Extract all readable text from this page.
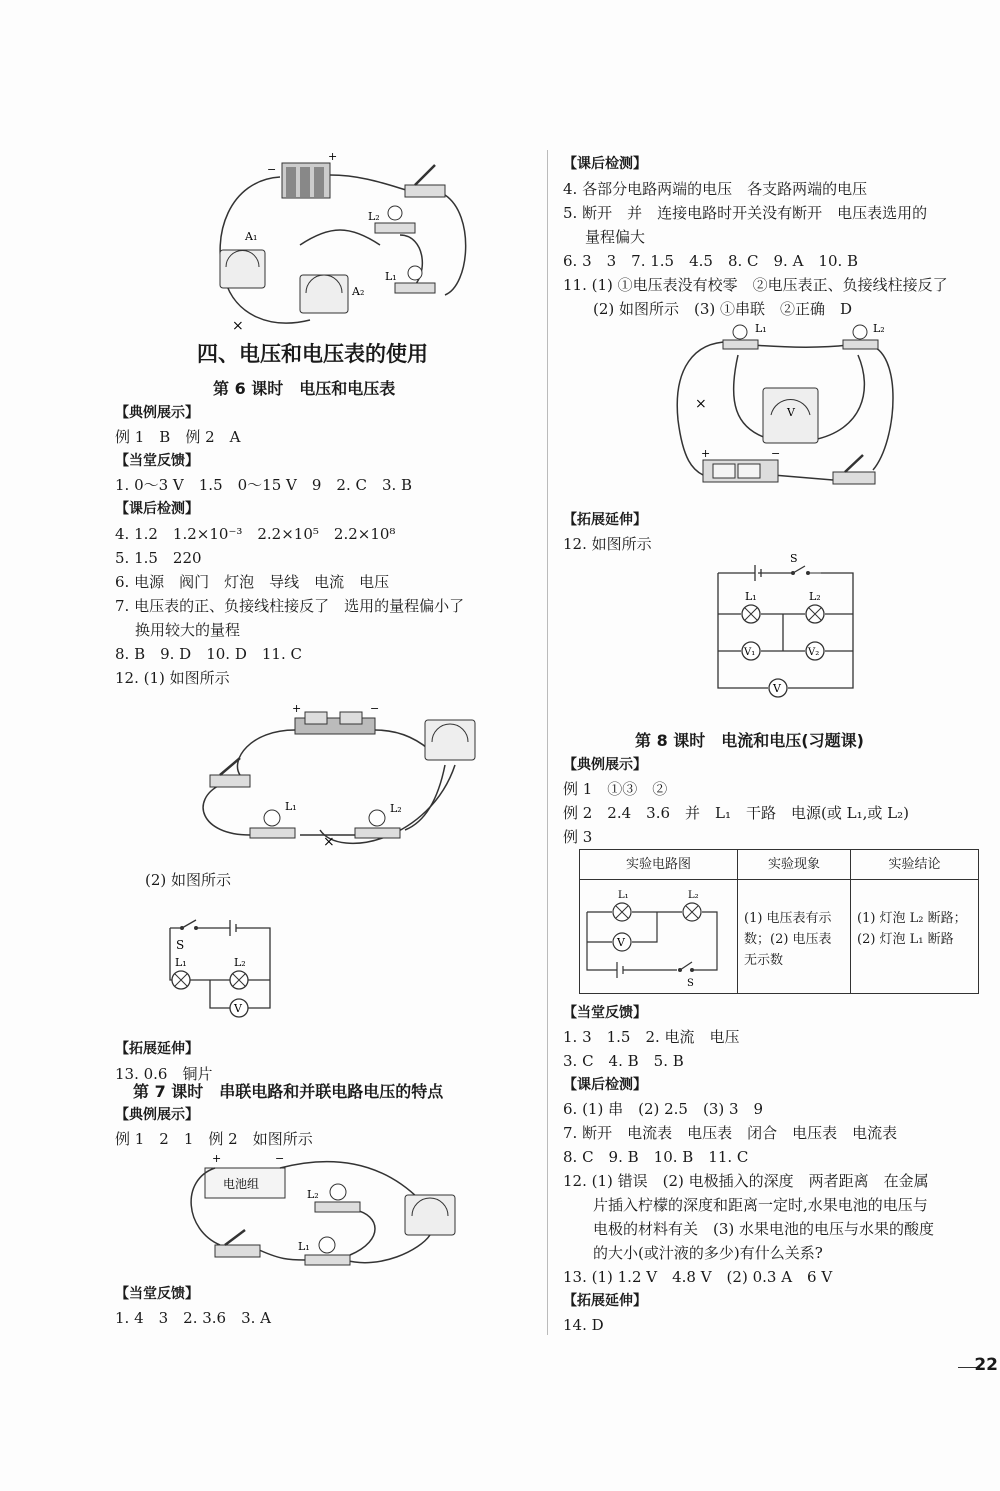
×
−
+
L₂
L₁
A₁
A₂
四、电压和电压表的使用
第 6 课时　电压和电压表
【典例展示】
例 1　B　例 2　A
【当堂反馈】
1. 0～3 V　1.5　0～15 V　9　2. C　3. B
【课后检测】
4. 1.2　1.2×10⁻³　2.2×10⁵　2.2×10⁸
5. 1.5　220
6. 电源　阀门　灯泡　导线　电流　电压
7. 电压表的正、负接线柱接反了　选用的量程偏小了
换用较大的量程
8. B　9. D　10. D　11. C
12. (1) 如图所示
×
+	−
L₁	L₂
(2) 如图所示
S
L₁	L₂
V
【拓展延伸】
13. 0.6　铜片
第 7 课时　串联电路和并联电路电压的特点
【典例展示】
例 1　2　1　例 2　如图所示
电池组
+	−
L₂
L₁
【当堂反馈】
1. 4　3　2. 3.6　3. A
【课后检测】
4. 各部分电路两端的电压　各支路两端的电压
5. 断开　并　连接电路时开关没有断开　电压表选用的
量程偏大
6. 3　3　7. 1.5　4.5　8. C　9. A　10. B
11. (1) ①电压表没有校零　②电压表正、负接线柱接反了
(2) 如图所示　(3) ①串联　②正确　D
×
L₁	L₂
V
+	−
【拓展延伸】
12. 如图所示
S
L₁	L₂
V₁	V₂
V
第 8 课时　电流和电压(习题课)
【典例展示】
例 1　①③　②
例 2　2.4　3.6　并　L₁　干路　电源(或 L₁,或 L₂)
例 3
实验电路图	实验现象	实验结论

L₁ L₂
V
S	(1) 电压表有示数；(2) 电压表无示数	(1) 灯泡 L₂ 断路；(2) 灯泡 L₁ 断路
【当堂反馈】
1. 3　1.5　2. 电流　电压
3. C　4. B　5. B
【课后检测】
6. (1) 串　(2) 2.5　(3) 3　9
7. 断开　电流表　电压表　闭合　电压表　电流表
8. C　9. B　10. B　11. C
12. (1) 错误　(2) 电极插入的深度　两者距离　在金属
片插入柠檬的深度和距离一定时,水果电池的电压与
电极的材料有关　(3) 水果电池的电压与水果的酸度
的大小(或汁液的多少)有什么关系?
13. (1) 1.2 V　4.8 V　(2) 0.3 A　6 V
【拓展延伸】
14. D
22
